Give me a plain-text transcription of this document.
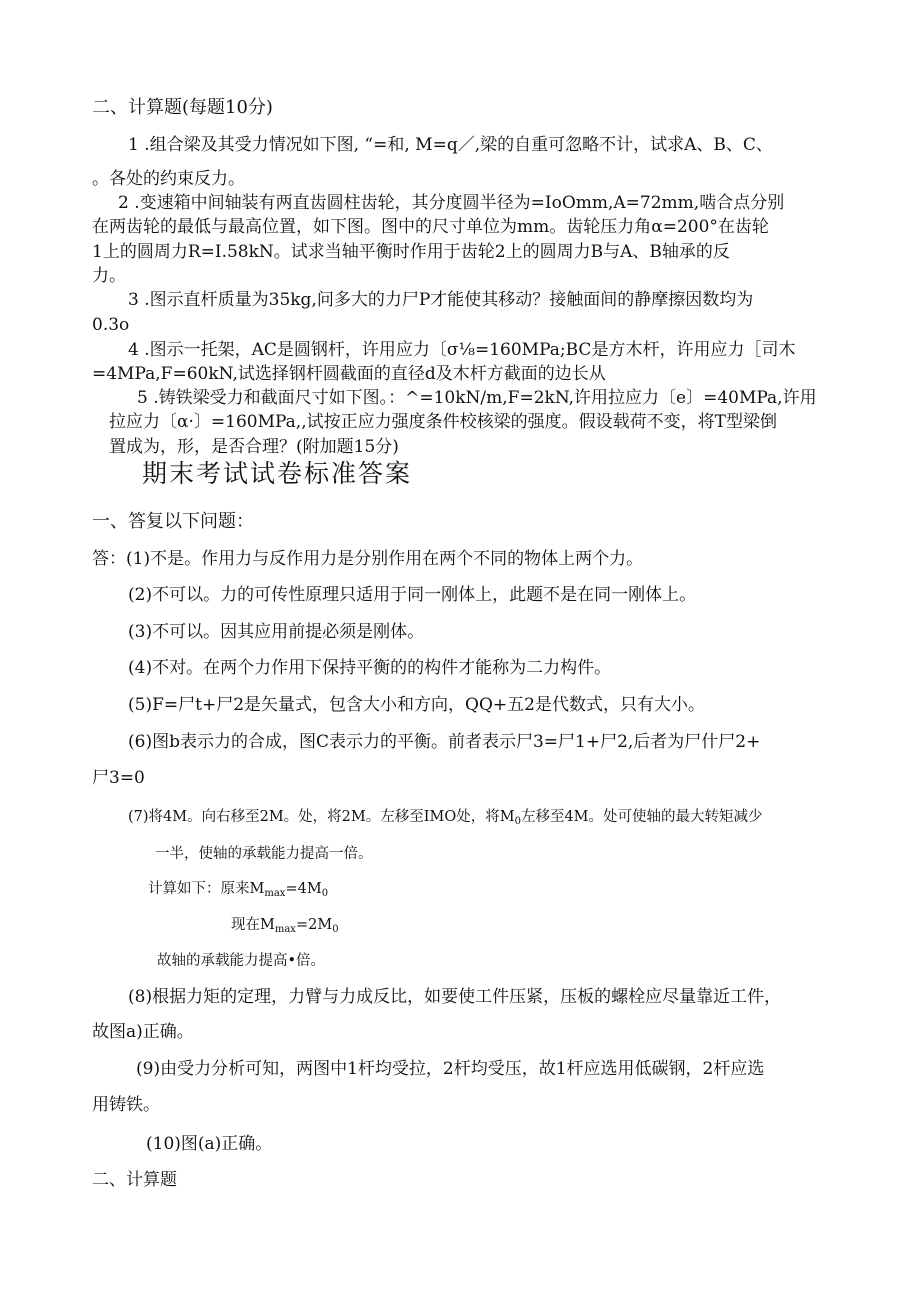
二、计算题(每题10分)
1 .组合梁及其受力情况如下图, “=和, M=q／,梁的自重可忽略不计，试求A、B、C、
。各处的约束反力。
2 .变速箱中间轴装有两直齿圆柱齿轮，其分度圆半径为=IoOmm,A=72mm,啮合点分别
在两齿轮的最低与最高位置，如下图。图中的尺寸单位为mm。齿轮压力角α=200°在齿轮
1上的圆周力R=I.58kN。试求当轴平衡时作用于齿轮2上的圆周力B与A、B轴承的反
力。
3 .图示直杆质量为35kg,问多大的力尸P才能使其移动？接触面间的静摩擦因数均为
0.3o
4 .图示一托架，AC是圆钢杆，许用应力〔σ⅛=160MPa;BC是方木杆，许用应力［司木
=4MPa,F=60kN,试选择钢杆圆截面的直径d及木杆方截面的边长从
5 .铸铁梁受力和截面尺寸如下图。：^=10kN∕m,F=2kN,许用拉应力〔e〕=40MPa,许用
拉应力〔α·〕=160MPa,,试按正应力强度条件校核梁的强度。假设载荷不变，将T型梁倒
置成为，形，是否合理？(附加题15分)
期末考试试卷标准答案
一、答复以下问题：
答：(1)不是。作用力与反作用力是分别作用在两个不同的物体上两个力。
(2)不可以。力的可传性原理只适用于同一刚体上，此题不是在同一刚体上。
(3)不可以。因其应用前提必须是刚体。
(4)不对。在两个力作用下保持平衡的的构件才能称为二力构件。
(5)F=尸t+尸2是矢量式，包含大小和方向，QQ+五2是代数式，只有大小。
(6)图b表示力的合成，图C表示力的平衡。前者表示尸3=尸1+尸2,后者为尸什尸2+
尸3=0
(7)将4M。向右移至2M。处，将2M。左移至IMO处，将$M_0$左移至4M。处可使轴的最大转矩减少
一半，使轴的承载能力提高一倍。
计算如下：原来$M_{max}=4M_0$
现在$M_{max}=2M_0$
故轴的承载能力提高•倍。
(8)根据力矩的定理，力臂与力成反比，如要使工件压紧，压板的螺栓应尽量靠近工件，
故图a)正确。
(9)由受力分析可知，两图中1杆均受拉，2杆均受压，故1杆应选用低碳钢，2杆应选
用铸铁。
(10)图(a)正确。
二、计算题
